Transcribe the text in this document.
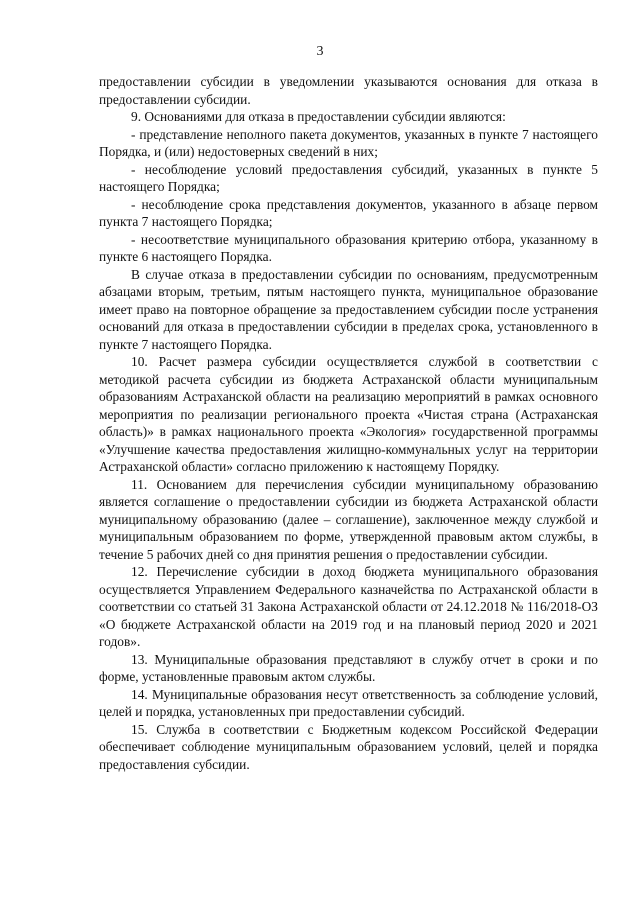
3

предоставлении субсидии в уведомлении указываются основания для отказа в предоставлении субсидии.

9. Основаниями для отказа в предоставлении субсидии являются:

- представление неполного пакета документов, указанных в пункте 7 настоящего Порядка, и (или) недостоверных сведений в них;

- несоблюдение условий предоставления субсидий, указанных в пункте 5 настоящего Порядка;

- несоблюдение срока представления документов, указанного в абзаце первом пункта 7 настоящего Порядка;

- несоответствие муниципального образования критерию отбора, указанному в пункте 6 настоящего Порядка.

В случае отказа в предоставлении субсидии по основаниям, предусмотренным абзацами вторым, третьим, пятым настоящего пункта, муниципальное образование имеет право на повторное обращение за предоставлением субсидии после устранения оснований для отказа в предоставлении субсидии в пределах срока, установленного в пункте 7 настоящего Порядка.

10. Расчет размера субсидии осуществляется службой в соответствии с методикой расчета субсидии из бюджета Астраханской области муниципальным образованиям Астраханской области на реализацию мероприятий в рамках основного мероприятия по реализации регионального проекта «Чистая страна (Астраханская область)» в рамках национального проекта «Экология» государственной программы «Улучшение качества предоставления жилищно-коммунальных услуг на территории Астраханской области» согласно приложению к настоящему Порядку.

11. Основанием для перечисления субсидии муниципальному образованию является соглашение о предоставлении субсидии из бюджета Астраханской области муниципальному образованию (далее – соглашение), заключенное между службой и муниципальным образованием по форме, утвержденной правовым актом службы, в течение 5 рабочих дней со дня принятия решения о предоставлении субсидии.

12. Перечисление субсидии в доход бюджета муниципального образования осуществляется Управлением Федерального казначейства по Астраханской области в соответствии со статьей 31 Закона Астраханской области от 24.12.2018 № 116/2018-ОЗ «О бюджете Астраханской области на 2019 год и на плановый период 2020 и 2021 годов».

13. Муниципальные образования представляют в службу отчет в сроки и по форме, установленные правовым актом службы.

14. Муниципальные образования несут ответственность за соблюдение условий, целей и порядка, установленных при предоставлении субсидий.

15. Служба в соответствии с Бюджетным кодексом Российской Федерации обеспечивает соблюдение муниципальным образованием условий, целей и порядка предоставления субсидии.
